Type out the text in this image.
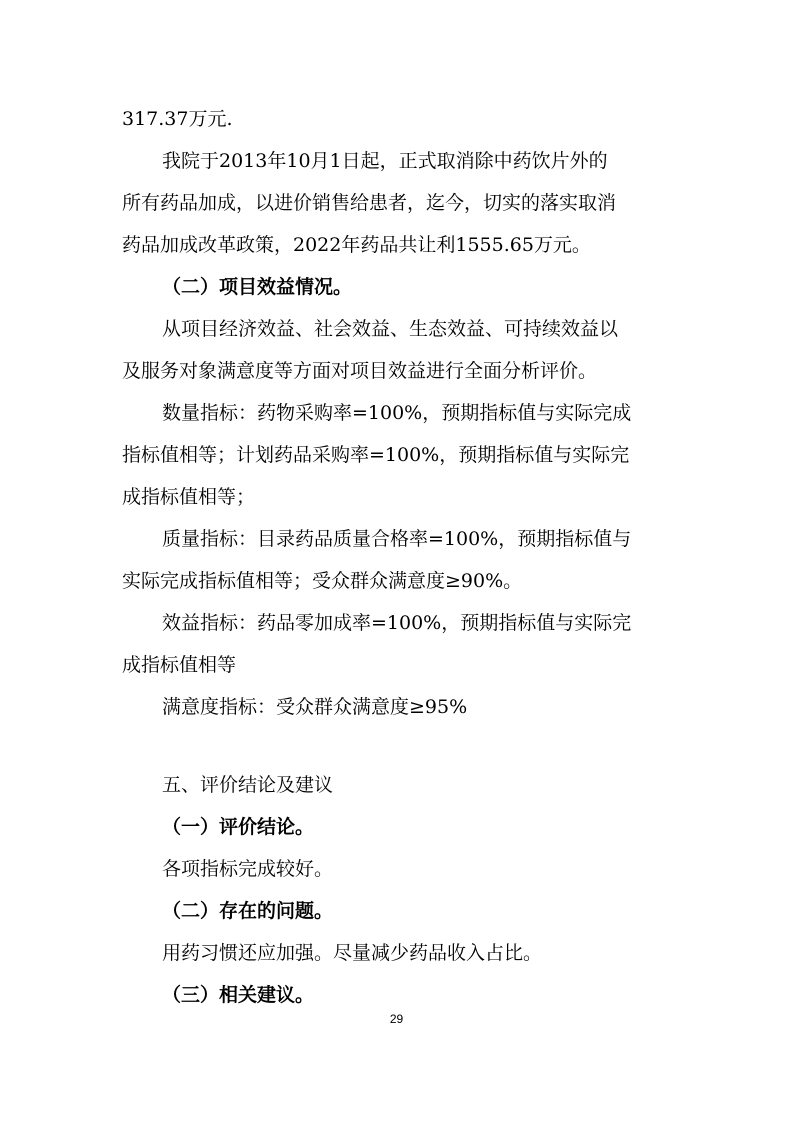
317.37万元.
我院于2013年10月1日起，正式取消除中药饮片外的
所有药品加成，以进价销售给患者，迄今，切实的落实取消
药品加成改革政策，2022年药品共让利1555.65万元。
（二）项目效益情况。
从项目经济效益、社会效益、生态效益、可持续效益以
及服务对象满意度等方面对项目效益进行全面分析评价。
数量指标：药物采购率=100%，预期指标值与实际完成
指标值相等；计划药品采购率=100%，预期指标值与实际完
成指标值相等；
质量指标：目录药品质量合格率=100%，预期指标值与
实际完成指标值相等；受众群众满意度≥90%。
效益指标：药品零加成率=100%，预期指标值与实际完
成指标值相等
满意度指标：受众群众满意度≥95%
五、评价结论及建议
（一）评价结论。
各项指标完成较好。
（二）存在的问题。
用药习惯还应加强。尽量减少药品收入占比。
（三）相关建议。
29
